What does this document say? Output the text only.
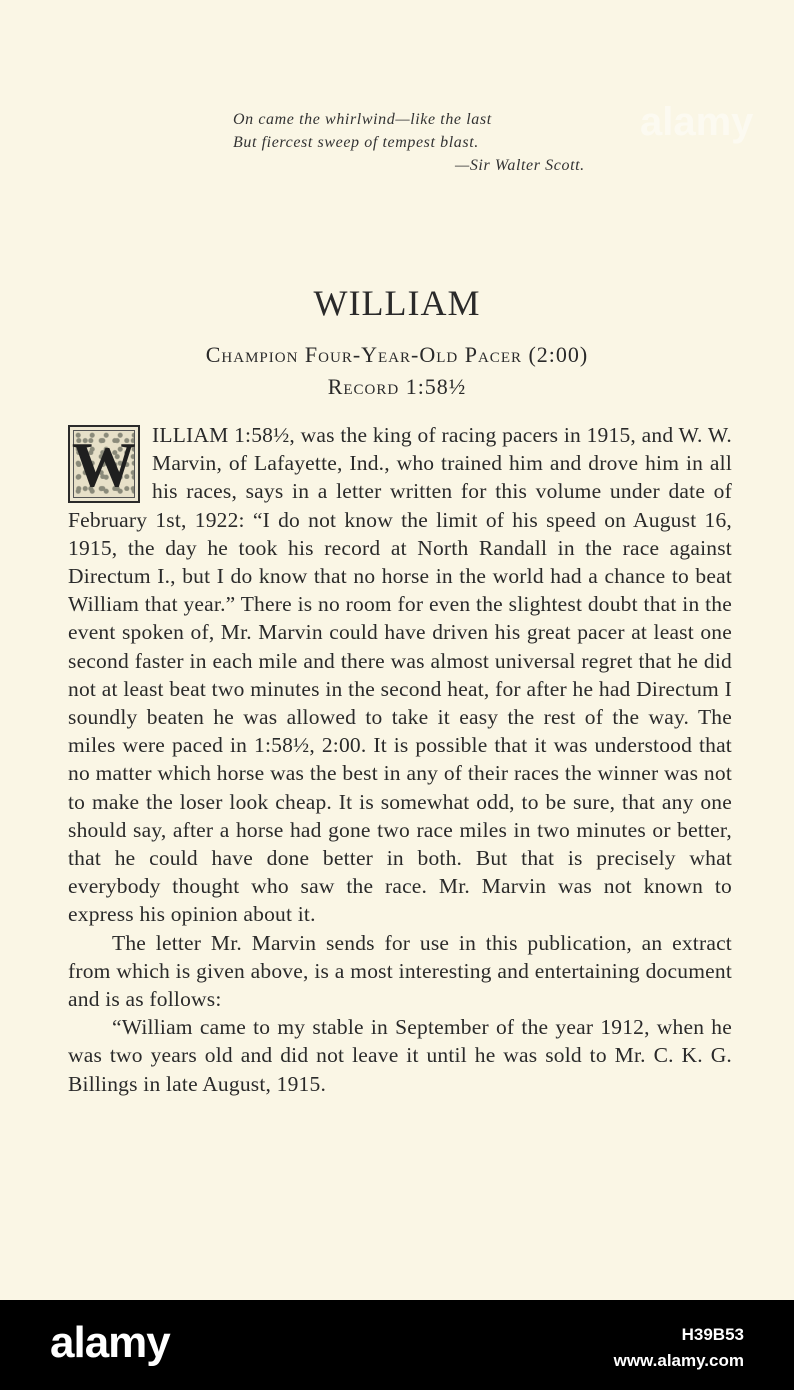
alamy
On came the whirlwind—like the last
But fiercest sweep of tempest blast.
—Sir Walter Scott.
WILLIAM
Champion Four-Year-Old Pacer (2:00)
Record 1:58½

W ILLIAM 1:58½, was the king of racing pacers in 1915, and W. W. Marvin, of Lafayette, Ind., who trained him and drove him in all his races, says in a letter written for this volume under date of February 1st, 1922: “I do not know the limit of his speed on August 16, 1915, the day he took his record at North Randall in the race against Directum I., but I do know that no horse in the world had a chance to beat William that year.” There is no room for even the slightest doubt that in the event spoken of, Mr. Marvin could have driven his great pacer at least one second faster in each mile and there was almost universal regret that he did not at least beat two minutes in the second heat, for after he had Directum I soundly beaten he was allowed to take it easy the rest of the way. The miles were paced in 1:58½, 2:00. It is possible that it was understood that no matter which horse was the best in any of their races the winner was not to make the loser look cheap. It is somewhat odd, to be sure, that any one should say, after a horse had gone two race miles in two minutes or better, that he could have done better in both. But that is precisely what everybody thought who saw the race. Mr. Marvin was not known to express his opinion about it.

The letter Mr. Marvin sends for use in this publication, an extract from which is given above, is a most interesting and entertaining document and is as follows:

“William came to my stable in September of the year 1912, when he was two years old and did not leave it until he was sold to Mr. C. K. G. Billings in late August, 1915.

alamy	H39B53
www.alamy.com
